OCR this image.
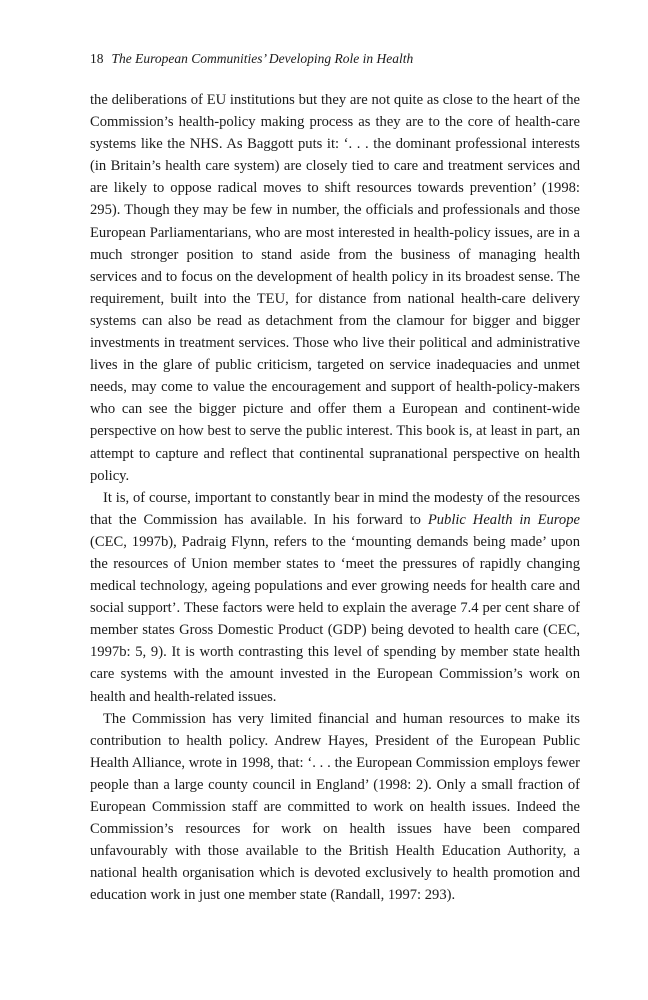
18 The European Communities’ Developing Role in Health

the deliberations of EU institutions but they are not quite as close to the heart of the Commission’s health-policy making process as they are to the core of health-care systems like the NHS. As Baggott puts it: ‘. . . the dominant professional interests (in Britain’s health care system) are closely tied to care and treatment services and are likely to oppose radical moves to shift resources towards prevention’ (1998: 295). Though they may be few in number, the officials and professionals and those European Parliamentarians, who are most interested in health-policy issues, are in a much stronger position to stand aside from the business of managing health services and to focus on the development of health policy in its broadest sense. The requirement, built into the TEU, for distance from national health-care delivery systems can also be read as detachment from the clamour for bigger and bigger investments in treatment services. Those who live their political and administrative lives in the glare of public criticism, targeted on service inadequacies and unmet needs, may come to value the encouragement and support of health-policy-makers who can see the bigger picture and offer them a European and continent-wide perspective on how best to serve the public interest. This book is, at least in part, an attempt to capture and reflect that continental supranational perspective on health policy.

It is, of course, important to constantly bear in mind the modesty of the resources that the Commission has available. In his forward to Public Health in Europe (CEC, 1997b), Padraig Flynn, refers to the ‘mounting demands being made’ upon the resources of Union member states to ‘meet the pressures of rapidly changing medical technology, ageing populations and ever growing needs for health care and social support’. These factors were held to explain the average 7.4 per cent share of member states Gross Domestic Product (GDP) being devoted to health care (CEC, 1997b: 5, 9). It is worth contrasting this level of spending by member state health care systems with the amount invested in the European Commission’s work on health and health-related issues.

The Commission has very limited financial and human resources to make its contribution to health policy. Andrew Hayes, President of the European Public Health Alliance, wrote in 1998, that: ‘. . . the European Commission employs fewer people than a large county council in England’ (1998: 2). Only a small fraction of European Commission staff are committed to work on health issues. Indeed the Commission’s resources for work on health issues have been compared unfavourably with those available to the British Health Education Authority, a national health organisation which is devoted exclusively to health promotion and education work in just one member state (Randall, 1997: 293).
